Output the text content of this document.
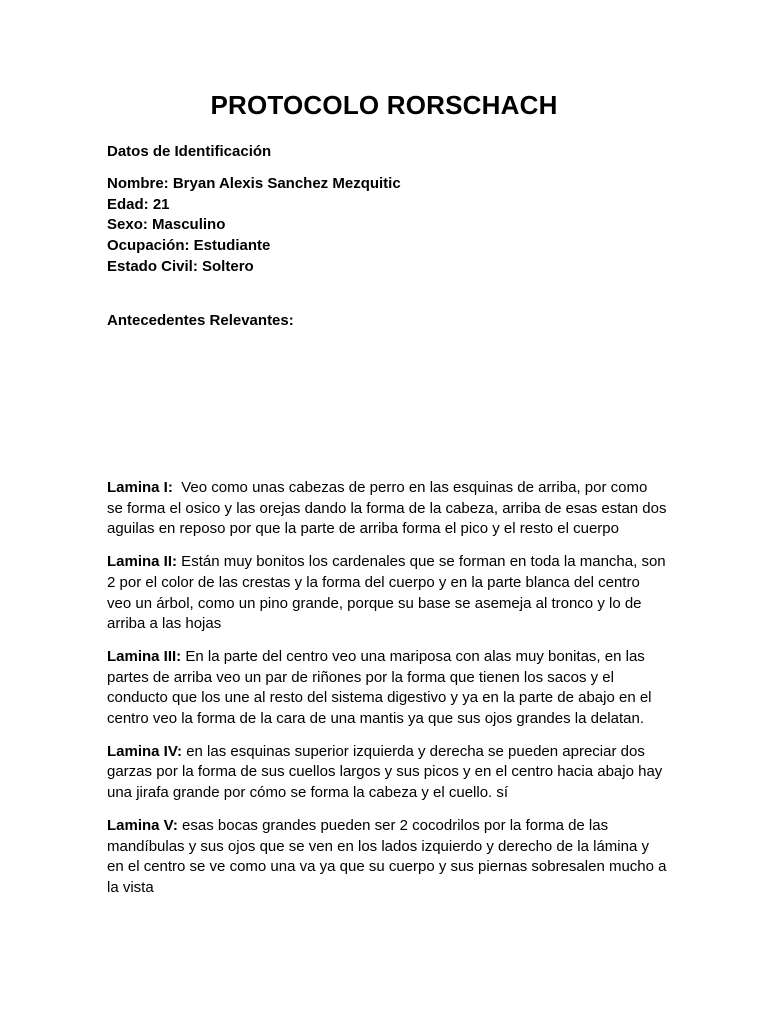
PROTOCOLO RORSCHACH
Datos de Identificación
Nombre: Bryan Alexis Sanchez Mezquitic
Edad: 21
Sexo: Masculino
Ocupación: Estudiante
Estado Civil: Soltero
Antecedentes Relevantes:

Lamina I:  Veo como unas cabezas de perro en las esquinas de arriba, por como se forma el osico y las orejas dando la forma de la cabeza, arriba de esas estan dos aguilas en reposo por que la parte de arriba forma el pico y el resto el cuerpo

Lamina II: Están muy bonitos los cardenales que se forman en toda la mancha, son 2 por el color de las crestas y la forma del cuerpo y en la parte blanca del centro veo un árbol, como un pino grande, porque su base se asemeja al tronco y lo de arriba a las hojas

Lamina III: En la parte del centro veo una mariposa con alas muy bonitas, en las partes de arriba veo un par de riñones por la forma que tienen los sacos y el conducto que los une al resto del sistema digestivo y ya en la parte de abajo en el centro veo la forma de la cara de una mantis ya que sus ojos grandes la delatan.

Lamina IV: en las esquinas superior izquierda y derecha se pueden apreciar dos garzas por la forma de sus cuellos largos y sus picos y en el centro hacia abajo hay una jirafa grande por cómo se forma la cabeza y el cuello. sí

Lamina V: esas bocas grandes pueden ser 2 cocodrilos por la forma de las mandíbulas y sus ojos que se ven en los lados izquierdo y derecho de la lámina y en el centro se ve como una va ya que su cuerpo y sus piernas sobresalen mucho a la vista
